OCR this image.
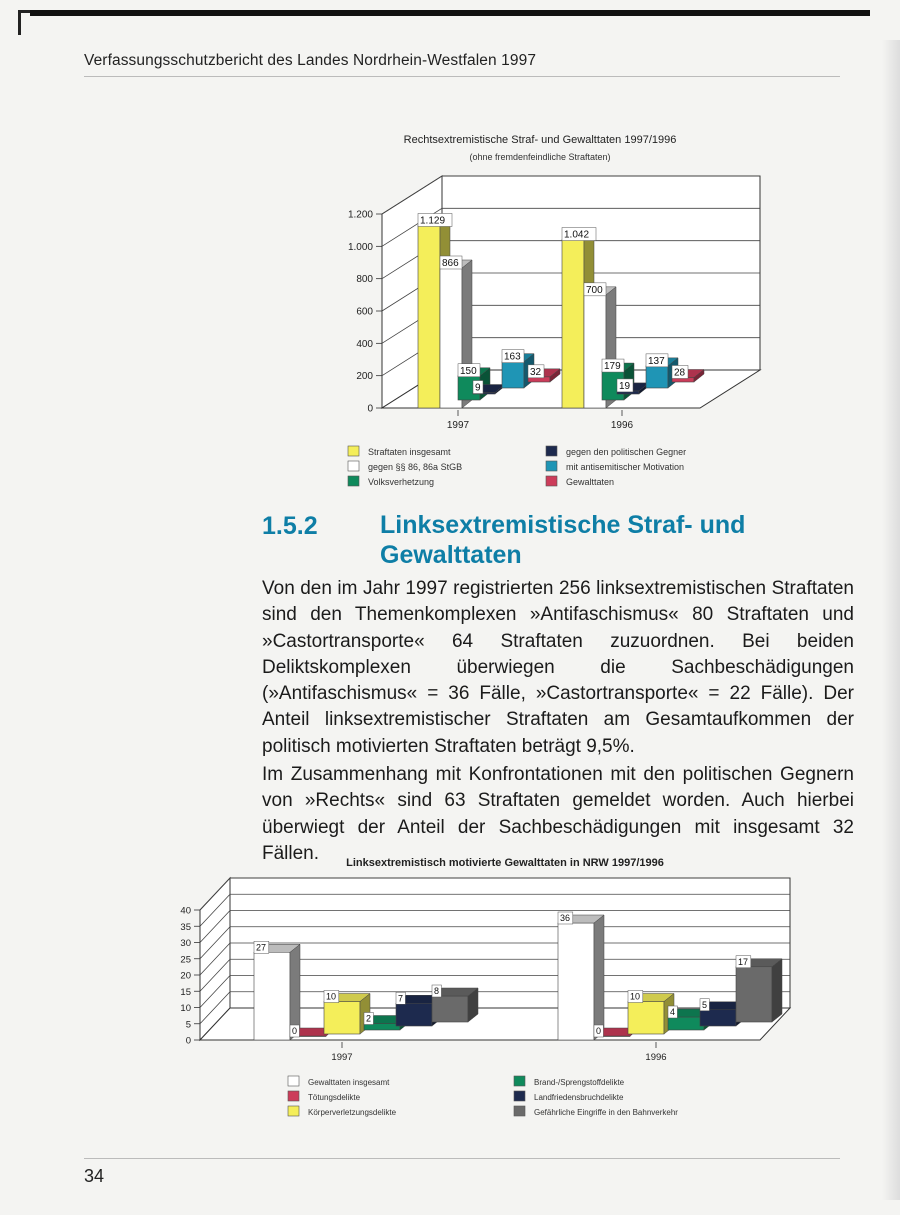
Verfassungsschutzbericht des Landes Nordrhein-Westfalen 1997
Rechtsextremistische Straf- und Gewalttaten 1997/1996
(ohne fremdenfeindliche Straftaten)
0
200
400
600
800
1.000
1.200
1.129
866
150
9
163
32
1997
1.042
700
179
19
137
28
1996
Straftaten insgesamt
gegen §§ 86, 86a StGB
Volksverhetzung
gegen den politischen Gegner
mit antisemitischer Motivation
Gewalttaten
Linksextremistisch motivierte Gewalttaten in NRW 1997/1996
0
5
10
15
20
25
30
35
40
27
0
10
2
7
8
1997
36
0
10
4
5
17
1996
Gewalttaten insgesamt
Tötungsdelikte
Körperverletzungsdelikte
Brand-/Sprengstoffdelikte
Landfriedensbruchdelikte
Gefährliche Eingriffe in den Bahnverkehr
1.5.2 Linksextremistische Straf- und Gewalttaten
Von den im Jahr 1997 registrierten 256 linksextremistischen Straftaten sind den Themenkomplexen »Antifaschismus« 80 Straftaten und »Castortransporte« 64 Straftaten zuzuordnen. Bei beiden Deliktskomplexen überwiegen die Sachbeschädigungen (»Antifaschismus« = 36 Fälle, »Castortransporte« = 22 Fälle). Der Anteil linksextremistischer Straftaten am Gesamtaufkommen der politisch motivierten Straftaten beträgt 9,5%.
Im Zusammenhang mit Konfrontationen mit den politischen Gegnern von »Rechts« sind 63 Straftaten gemeldet worden. Auch hierbei überwiegt der Anteil der Sachbeschädigungen mit insgesamt 32 Fällen.
34
